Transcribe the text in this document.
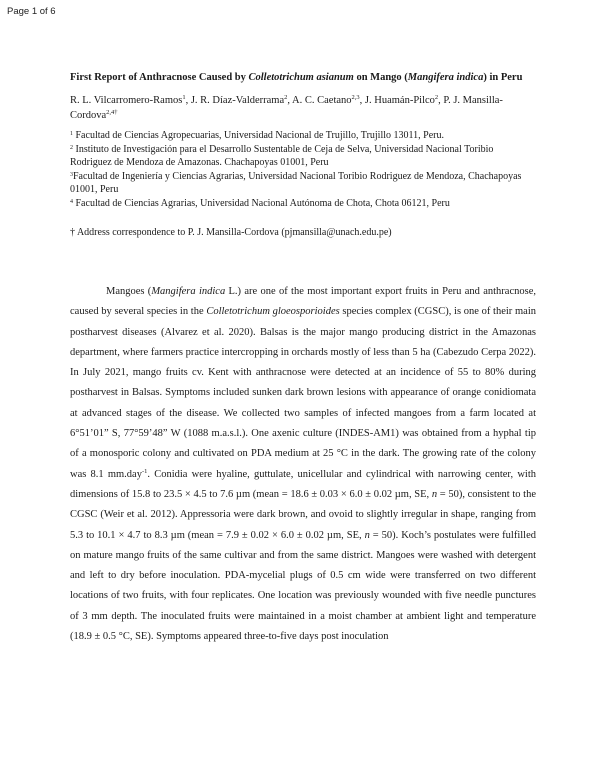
Page 1 of 6

First Report of Anthracnose Caused by Colletotrichum asianum on Mango (Mangifera indica) in Peru

R. L. Vilcarromero-Ramos$^1$, J. R. Díaz-Valderrama$^2$, A. C. Caetano$^{2,3}$, J. Huamán-Pilco$^2$, P. J. Mansilla-Cordova$^{2,4\dagger}$

$^1$ Facultad de Ciencias Agropecuarias, Universidad Nacional de Trujillo, Trujillo 13011, Peru.
$^2$ Instituto de Investigación para el Desarrollo Sustentable de Ceja de Selva, Universidad Nacional Toribio Rodriguez de Mendoza de Amazonas. Chachapoyas 01001, Peru
$^3$Facultad de Ingeniería y Ciencias Agrarias, Universidad Nacional Toribio Rodriguez de Mendoza, Chachapoyas 01001, Peru
$^4$ Facultad de Ciencias Agrarias, Universidad Nacional Autónoma de Chota, Chota 06121, Peru

† Address correspondence to P. J. Mansilla-Cordova (pjmansilla@unach.edu.pe)

Mangoes (Mangifera indica L.) are one of the most important export fruits in Peru and anthracnose, caused by several species in the Colletotrichum gloeosporioides species complex (CGSC), is one of their main postharvest diseases (Alvarez et al. 2020). Balsas is the major mango producing district in the Amazonas department, where farmers practice intercropping in orchards mostly of less than 5 ha (Cabezudo Cerpa 2022). In July 2021, mango fruits cv. Kent with anthracnose were detected at an incidence of 55 to 80% during postharvest in Balsas. Symptoms included sunken dark brown lesions with appearance of orange conidiomata at advanced stages of the disease. We collected two samples of infected mangoes from a farm located at 6°51’01” S, 77°59’48” W (1088 m.a.s.l.). One axenic culture (INDES-AM1) was obtained from a hyphal tip of a monosporic colony and cultivated on PDA medium at 25 °C in the dark. The growing rate of the colony was 8.1 mm.day$^{-1}$. Conidia were hyaline, guttulate, unicellular and cylindrical with narrowing center, with dimensions of 15.8 to 23.5 × 4.5 to 7.6 µm (mean = 18.6 ± 0.03 × 6.0 ± 0.02 µm, SE, n = 50), consistent to the CGSC (Weir et al. 2012). Appressoria were dark brown, and ovoid to slightly irregular in shape, ranging from 5.3 to 10.1 × 4.7 to 8.3 µm (mean = 7.9 ± 0.02 × 6.0 ± 0.02 µm, SE, n = 50). Koch’s postulates were fulfilled on mature mango fruits of the same cultivar and from the same district. Mangoes were washed with detergent and left to dry before inoculation. PDA-mycelial plugs of 0.5 cm wide were transferred on two different locations of two fruits, with four replicates. One location was previously wounded with five needle punctures of 3 mm depth. The inoculated fruits were maintained in a moist chamber at ambient light and temperature (18.9 ± 0.5 °C, SE). Symptoms appeared three-to-five days post inoculation
